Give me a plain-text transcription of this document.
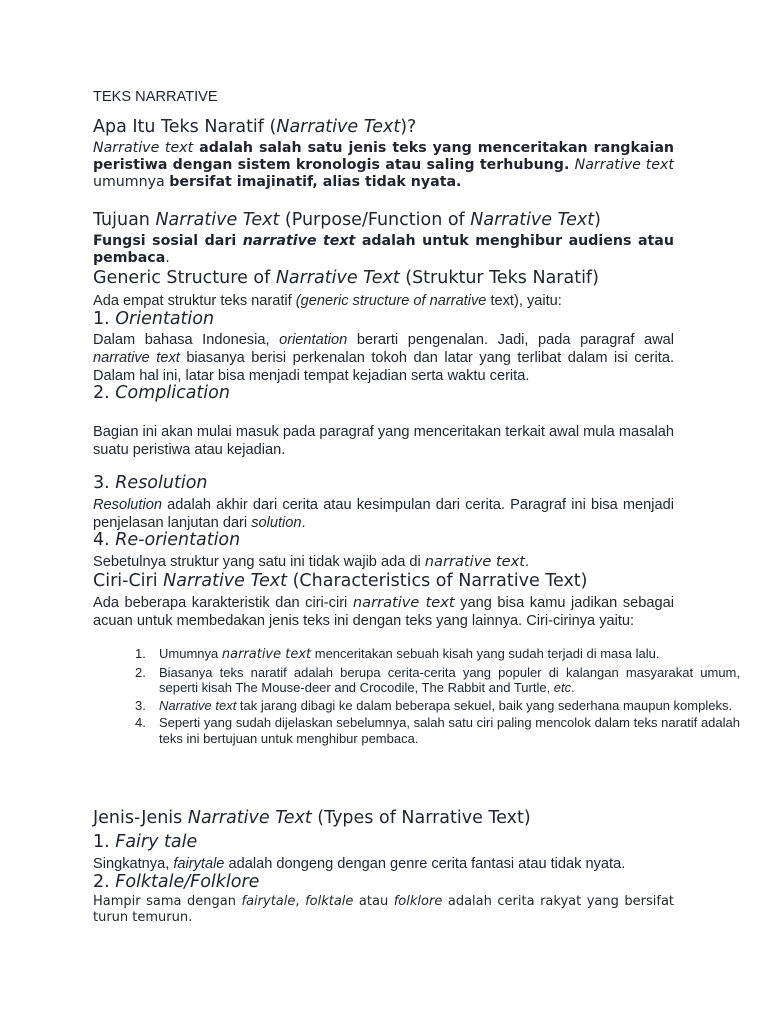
TEKS NARRATIVE
Apa Itu Teks Naratif (Narrative Text)?

Narrative text adalah salah satu jenis teks yang menceritakan rangkaian peristiwa dengan sistem kronologis atau saling terhubung. Narrative text umumnya bersifat imajinatif, alias tidak nyata.

Tujuan Narrative Text (Purpose/Function of Narrative Text)

Fungsi sosial dari narrative text adalah untuk menghibur audiens atau pembaca.

Generic Structure of Narrative Text (Struktur Teks Naratif)

Ada empat struktur teks naratif (generic structure of narrative text), yaitu:

1. Orientation

Dalam bahasa Indonesia, orientation berarti pengenalan. Jadi, pada paragraf awal narrative text biasanya berisi perkenalan tokoh dan latar yang terlibat dalam isi cerita. Dalam hal ini, latar bisa menjadi tempat kejadian serta waktu cerita.

2. Complication

Bagian ini akan mulai masuk pada paragraf yang menceritakan terkait awal mula masalah suatu peristiwa atau kejadian.

3. Resolution

Resolution adalah akhir dari cerita atau kesimpulan dari cerita. Paragraf ini bisa menjadi penjelasan lanjutan dari solution.

4. Re-orientation

Sebetulnya struktur yang satu ini tidak wajib ada di narrative text.

Ciri-Ciri Narrative Text (Characteristics of Narrative Text)

Ada beberapa karakteristik dan ciri-ciri narrative text yang bisa kamu jadikan sebagai acuan untuk membedakan jenis teks ini dengan teks yang lainnya. Ciri-cirinya yaitu:

1. Umumnya narrative text menceritakan sebuah kisah yang sudah terjadi di masa lalu.
2. Biasanya teks naratif adalah berupa cerita-cerita yang populer di kalangan masyarakat umum, seperti kisah The Mouse-deer and Crocodile, The Rabbit and Turtle, etc.
3. Narrative text tak jarang dibagi ke dalam beberapa sekuel, baik yang sederhana maupun kompleks.
4. Seperti yang sudah dijelaskan sebelumnya, salah satu ciri paling mencolok dalam teks naratif adalah teks ini bertujuan untuk menghibur pembaca.
Jenis-Jenis Narrative Text (Types of Narrative Text)
1. Fairy tale

Singkatnya, fairytale adalah dongeng dengan genre cerita fantasi atau tidak nyata.

2. Folktale/Folklore

Hampir sama dengan fairytale, folktale atau folklore adalah cerita rakyat yang bersifat turun temurun.
